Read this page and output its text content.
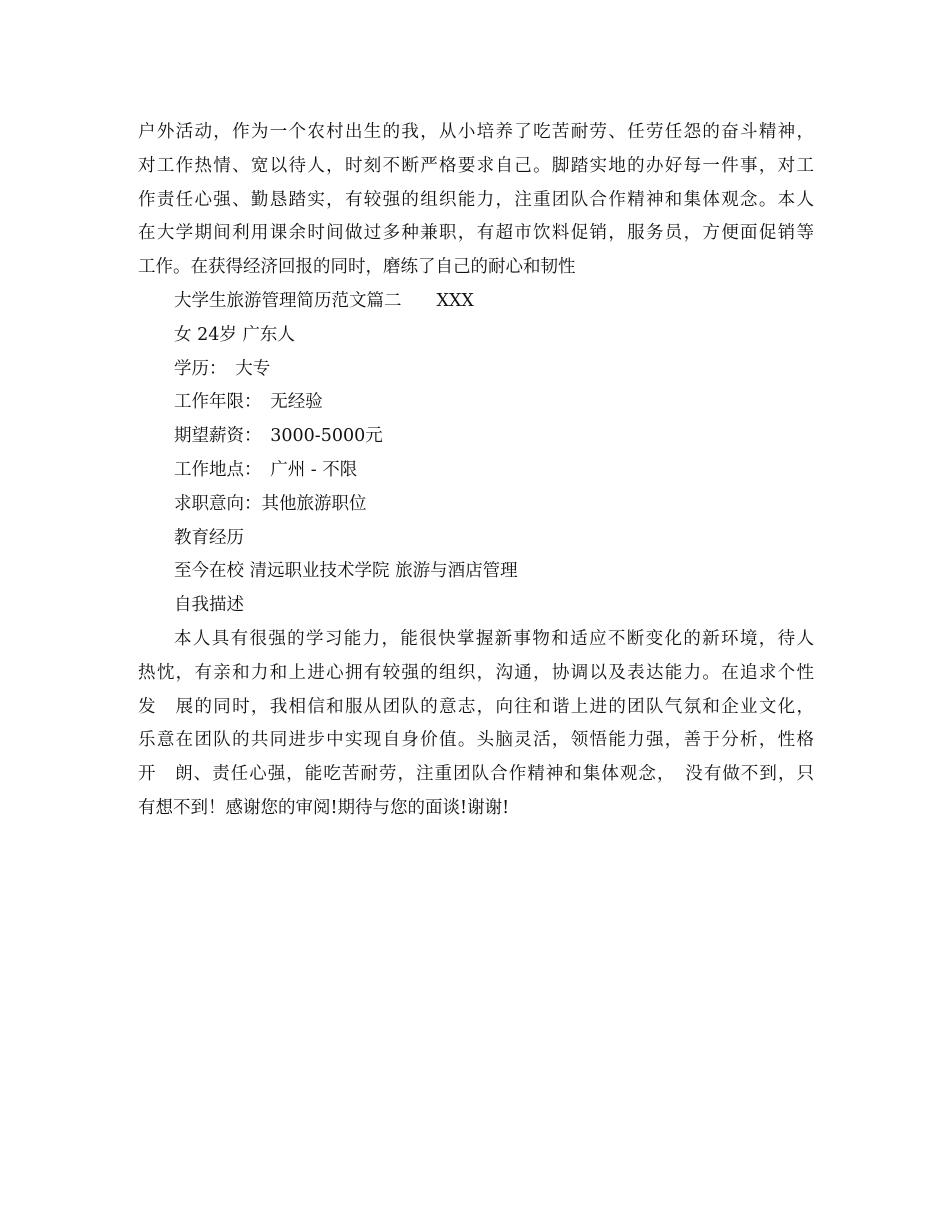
户外活动，作为一个农村出生的我，从小培养了吃苦耐劳、任劳任怨的奋斗精神，
对工作热情、宽以待人，时刻不断严格要求自己。脚踏实地的办好每一件事，对工
作责任心强、勤恳踏实，有较强的组织能力，注重团队合作精神和集体观念。本人
在大学期间利用课余时间做过多种兼职，有超市饮料促销，服务员，方便面促销等
工作。在获得经济回报的同时，磨练了自己的耐心和韧性
大学生旅游管理简历范文篇二　　XXX
女 24岁 广东人
学历：　大专
工作年限：　无经验
期望薪资：　3000-5000元
工作地点：　广州 - 不限
求职意向：其他旅游职位
教育经历
至今在校 清远职业技术学院 旅游与酒店管理
自我描述
本人具有很强的学习能力，能很快掌握新事物和适应不断变化的新环境，待人
热忱，有亲和力和上进心拥有较强的组织，沟通，协调以及表达能力。在追求个性
发　展的同时，我相信和服从团队的意志，向往和谐上进的团队气氛和企业文化，
乐意在团队的共同进步中实现自身价值。头脑灵活，领悟能力强，善于分析，性格
开　朗、责任心强，能吃苦耐劳，注重团队合作精神和集体观念，　没有做不到，只
有想不到！感谢您的审阅!期待与您的面谈!谢谢!
